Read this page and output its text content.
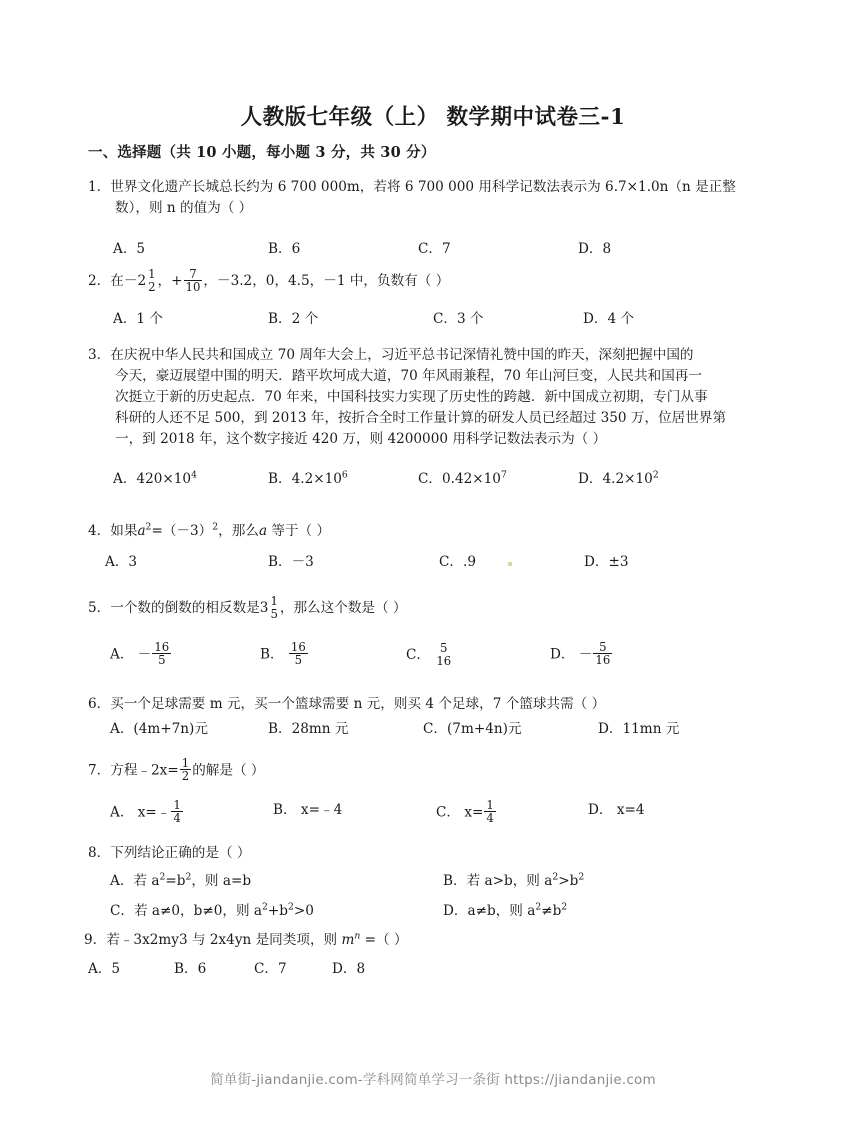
人教版七年级（上） 数学期中试卷三-1
一、选择题（共 10 小题，每小题 3 分，共 30 分）
1．世界文化遗产长城总长约为 6 700 000m，若将 6 700 000 用科学记数法表示为 6.7×1.0n（n 是正整
数），则 n 的值为（ ）
A．5	B．6	C．7	D．8
2．在－2 1
2 ，+ $\frac{7}{10}$ ，－3.2，0，4.5，－1 中，负数有（ ）
A．1 个	B．2 个	C．3 个	D．4 个
3．在庆祝中华人民共和国成立 70 周年大会上，习近平总书记深情礼赞中国的昨天，深刻把握中国的
今天，豪迈展望中围的明天．踏平坎坷成大道，70 年风雨兼程，70 年山河巨变，人民共和国再一
次挺立于新的历史起点．70 年来，中国科技实力实现了历史性的跨越．新中国成立初期，专门从事
科研的人还不足 500，到 2013 年，按折合全时工作量计算的研发人员已经超过 350 万，位居世界第
一，到 2018 年，这个数字接近 420 万，则 4200000 用科学记数法表示为（ ）
A．$420\times 10^4$	B．$4.2\times 10^6$	C．$0.42\times 10^7$	D．$4.2\times 10^2$
4．如果$a^2=(-3)^2$，那么a 等于（ ）
A．3	B．－3	C．.9	D．±3
5．一个数的倒数的相反数是3 1
5 ，那么这个数是（ ）
A． － $\frac{16}{5}$	B． $\frac{16}{5}$	C． 5
16	D． － $\frac{5}{16}$
6．买一个足球需要 m 元，买一个篮球需要 n 元，则买 4 个足球，7 个篮球共需（ ）
A．(4m+7n)元	B．28mn 元	C．(7m+4n)元	D．11mn 元
7．方程﹣2x= $\frac{1}{2}$ 的解是（ ）
A． x=﹣ $\frac{1}{4}$	B． x=﹣4	C． $x= \frac{1}{4}$	D． x=4
8．下列结论正确的是（ ）
A．若 $a^2=b^2$，则 a=b	B．若 a>b，则 $a^2>b^2$
C．若 a≠0，b≠0，则 $a^2+b^2>0$	D．a≠b，则 $a^2\ne b^2$
9．若﹣3x2my3 与 2x4yn 是同类项，则 $m^n$ =（ ）
A．5	B．6	C．7	D．8
简单街-jiandanjie.com-学科网简单学习一条街 https://jiandanjie.com
